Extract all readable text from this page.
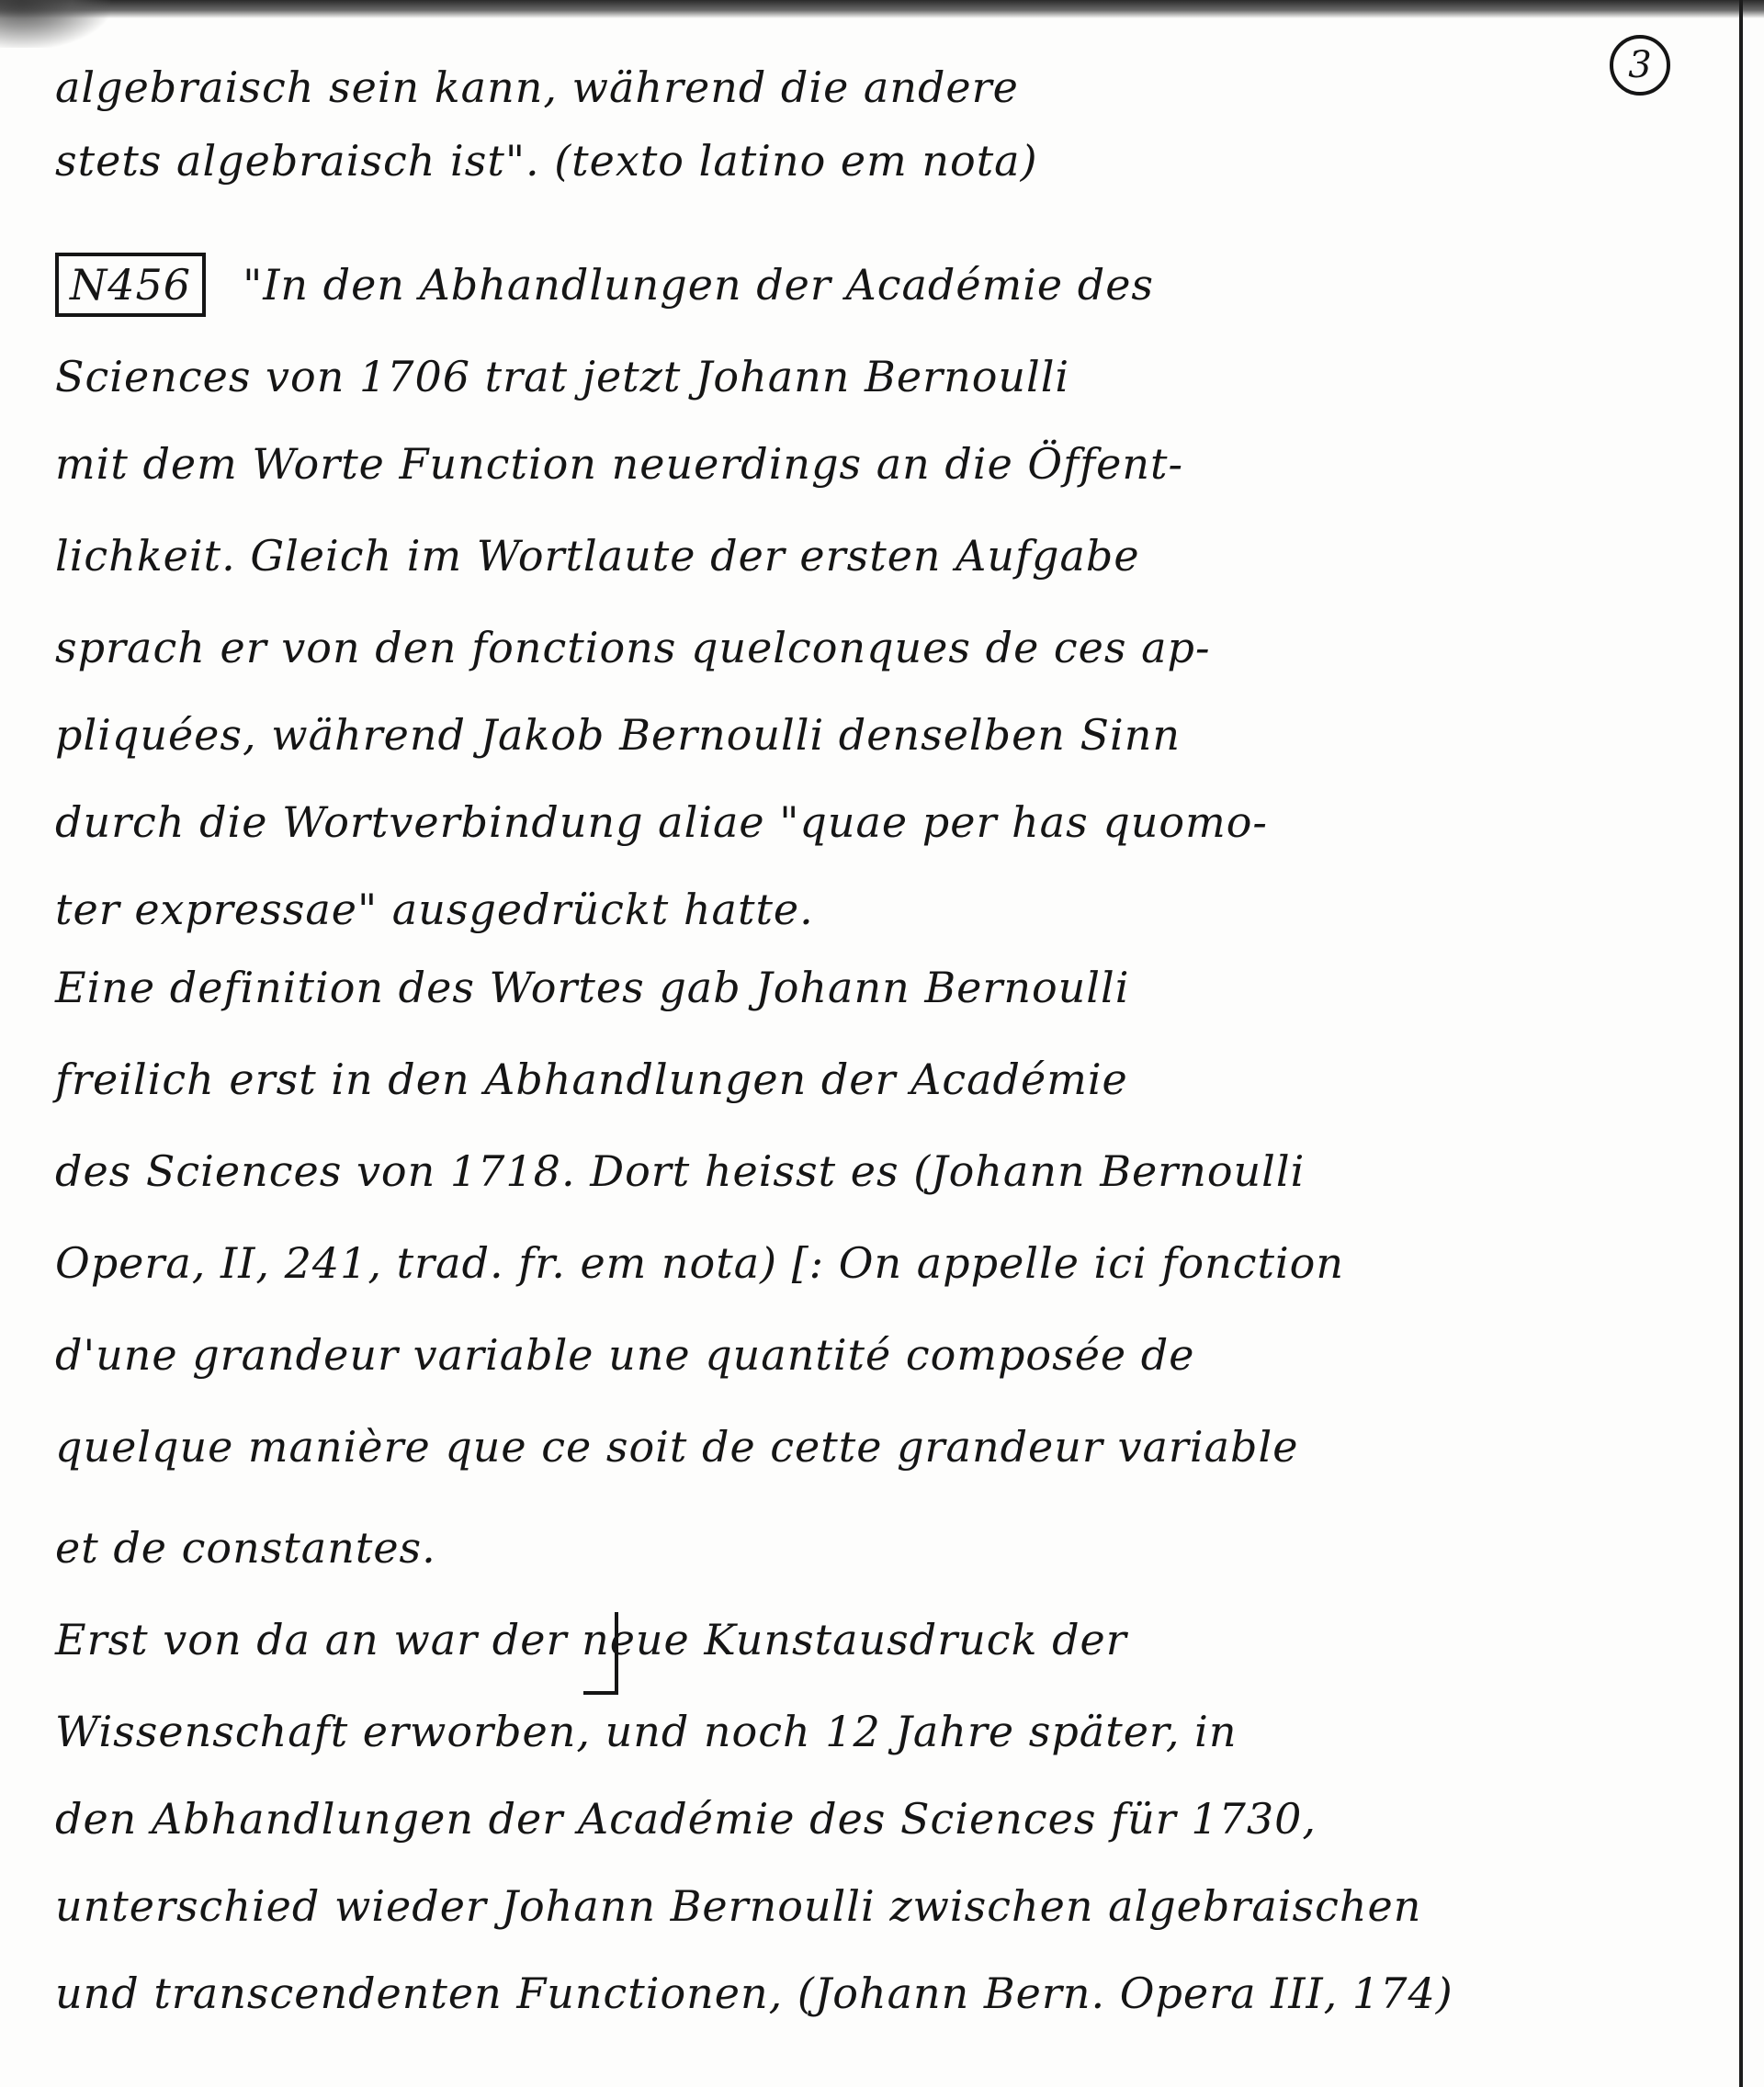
3
algebraisch sein kann, während die andere
stets algebraisch ist". (texto latino em nota)
N456 "In den Abhandlungen der Académie des
Sciences von 1706 trat jetzt Johann Bernoulli
mit dem Worte Function neuerdings an die Öffent-
lichkeit. Gleich im Wortlaute der ersten Aufgabe
sprach er von den fonctions quelconques de ces ap-
pliquées, während Jakob Bernoulli denselben Sinn
durch die Wortverbindung aliae "quae per has quomo-
ter expressae" ausgedrückt hatte.
Eine definition des Wortes gab Johann Bernoulli
freilich erst in den Abhandlungen der Académie
des Sciences von 1718. Dort heisst es (Johann Bernoulli
Opera, II, 241, trad. fr. em nota) [: On appelle ici fonction
d'une grandeur variable une quantité composée de
quelque manière que ce soit de cette grandeur variable
et de constantes.
Erst von da an war der neue Kunstausdruck der
Wissenschaft erworben, und noch 12 Jahre später, in
den Abhandlungen der Académie des Sciences für 1730,
unterschied wieder Johann Bernoulli zwischen algebraischen
und transcendenten Functionen, (Johann Bern. Opera III, 174)
